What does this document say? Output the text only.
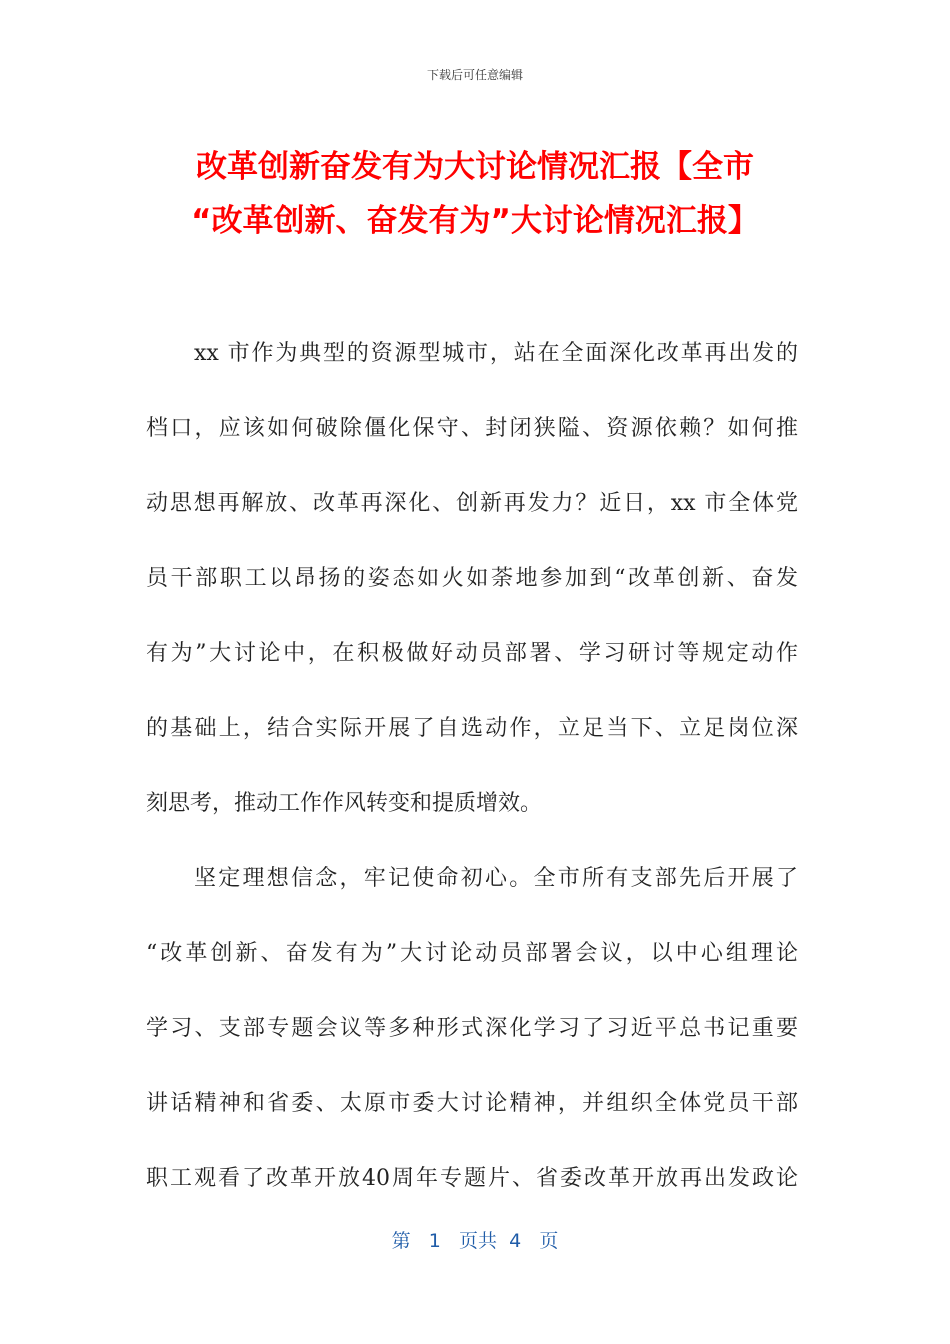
下载后可任意编辑
改革创新奋发有为大讨论情况汇报【全市
“改革创新、奋发有为”大讨论情况汇报】
xx 市作为典型的资源型城市，站在全面深化改革再出发的
档口，应该如何破除僵化保守、封闭狭隘、资源依赖？如何推
动思想再解放、改革再深化、创新再发力？近日，xx 市全体党
员干部职工以昂扬的姿态如火如荼地参加到“改革创新、奋发
有为”大讨论中，在积极做好动员部署、学习研讨等规定动作
的基础上，结合实际开展了自选动作，立足当下、立足岗位深
刻思考，推动工作作风转变和提质增效。
坚定理想信念，牢记使命初心。全市所有支部先后开展了
“改革创新、奋发有为”大讨论动员部署会议，以中心组理论
学习、支部专题会议等多种形式深化学习了习近平总书记重要
讲话精神和省委、太原市委大讨论精神，并组织全体党员干部
职工观看了改革开放40周年专题片、省委改革开放再出发政论
第 1 页共 4 页
